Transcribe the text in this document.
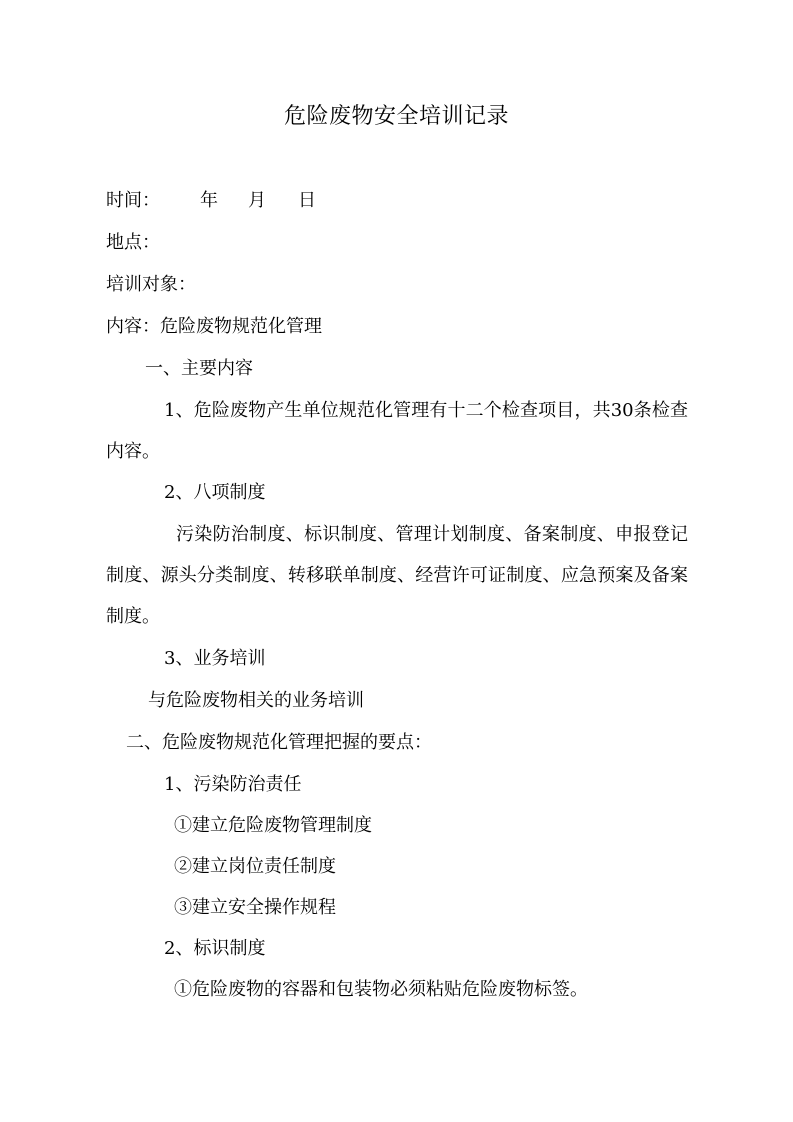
危险废物安全培训记录
时间： 年 月 日
地点：
培训对象：
内容：危险废物规范化管理
一、主要内容
1、危险废物产生单位规范化管理有十二个检查项目，共30条检查内容。
2、八项制度
污染防治制度、标识制度、管理计划制度、备案制度、申报登记制度、源头分类制度、转移联单制度、经营许可证制度、应急预案及备案制度。
3、业务培训
与危险废物相关的业务培训
二、危险废物规范化管理把握的要点：
1、污染防治责任
①建立危险废物管理制度
②建立岗位责任制度
③建立安全操作规程
2、标识制度
①危险废物的容器和包装物必须粘贴危险废物标签。
